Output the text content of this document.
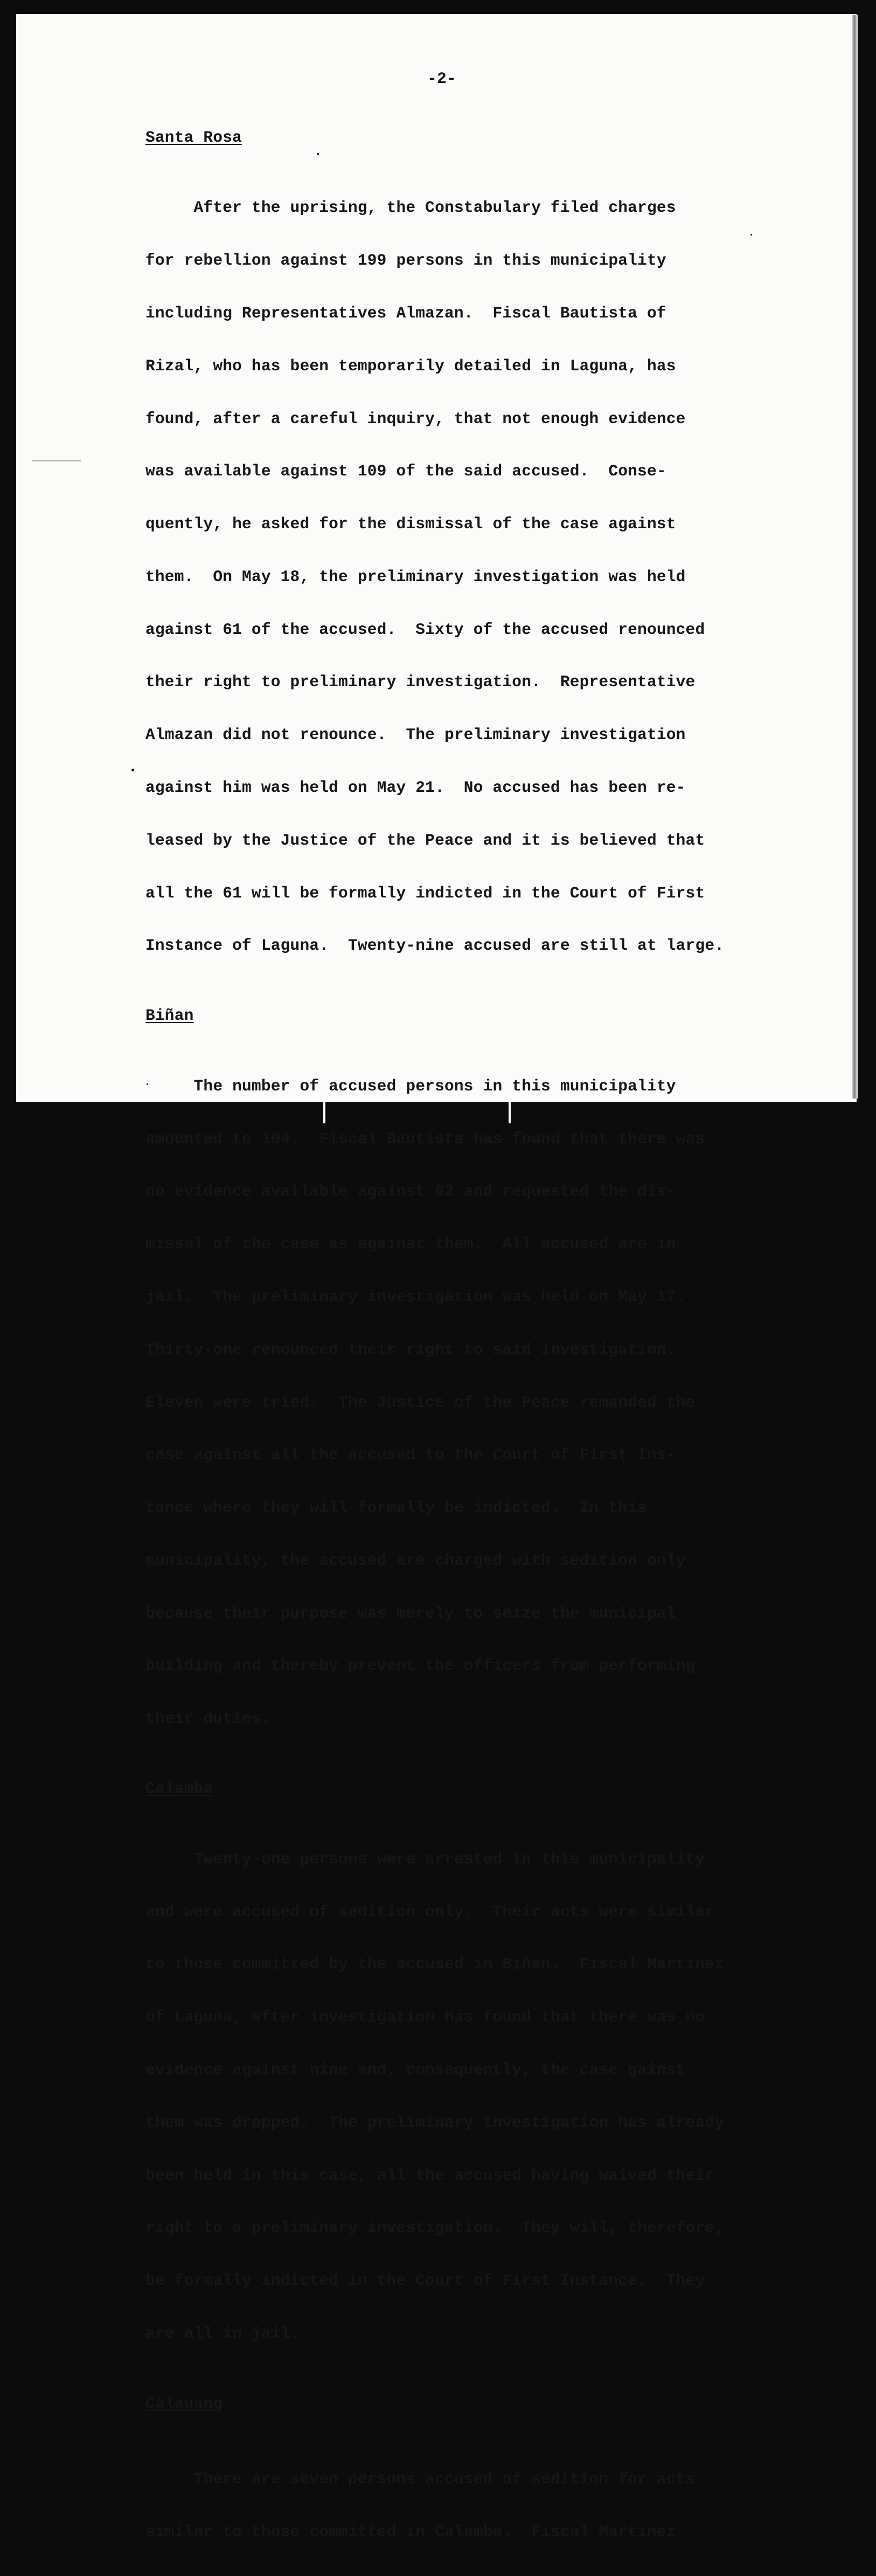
-2-
Santa Rosa

After the uprising, the Constabulary filed charges

for rebellion against 199 persons in this municipality

including Representatives Almazan.  Fiscal Bautista of

Rizal, who has been temporarily detailed in Laguna, has

found, after a careful inquiry, that not enough evidence

was available against 109 of the said accused.  Conse-

quently, he asked for the dismissal of the case against

them.  On May 18, the preliminary investigation was held

against 61 of the accused.  Sixty of the accused renounced

their right to preliminary investigation.  Representative

Almazan did not renounce.  The preliminary investigation

against him was held on May 21.  No accused has been re-

leased by the Justice of the Peace and it is believed that

all the 61 will be formally indicted in the Court of First

Instance of Laguna.  Twenty-nine accused are still at large.

Biñan

The number of accused persons in this municipality

amounted to 104.  Fiscal Bautista has found that there was

no evidence available against 62 and requested the dis-

missal of the case as against them.  All accused are in

jail.  The preliminary investigation was held on May 17.

Thirty-one renounced their right to said investigation.

Eleven were tried.  The Justice of the Peace remanded the

case against all the accused to the Court of First Ins-

tance where they will formally be indicted.  In this

municipality, the accused are charged with sedition only

because their purpose was merely to seize the municipal

building and thereby prevent the officers from performing

their duties.

Calamba

Twenty-one persons were arrested in this municipality

and were accused of sedition only.  Their acts were similar

to those committed by the accused in Biñan.  Fiscal Martinez

of Laguna, after investigation has found that there was no

evidence against nine and, consequently, the case gainst

them was dropped.  The preliminary investigation has already

been held in this case, all the accused having waived their

right to a preliminary investigation.  They will, therefore,

be formally indicted in the Court of First Instance.  They

are all in jail.

Calauang

There are seven persons accused of sedition for acts

similar to those committed in Calamba.  Fiscal Martinez
